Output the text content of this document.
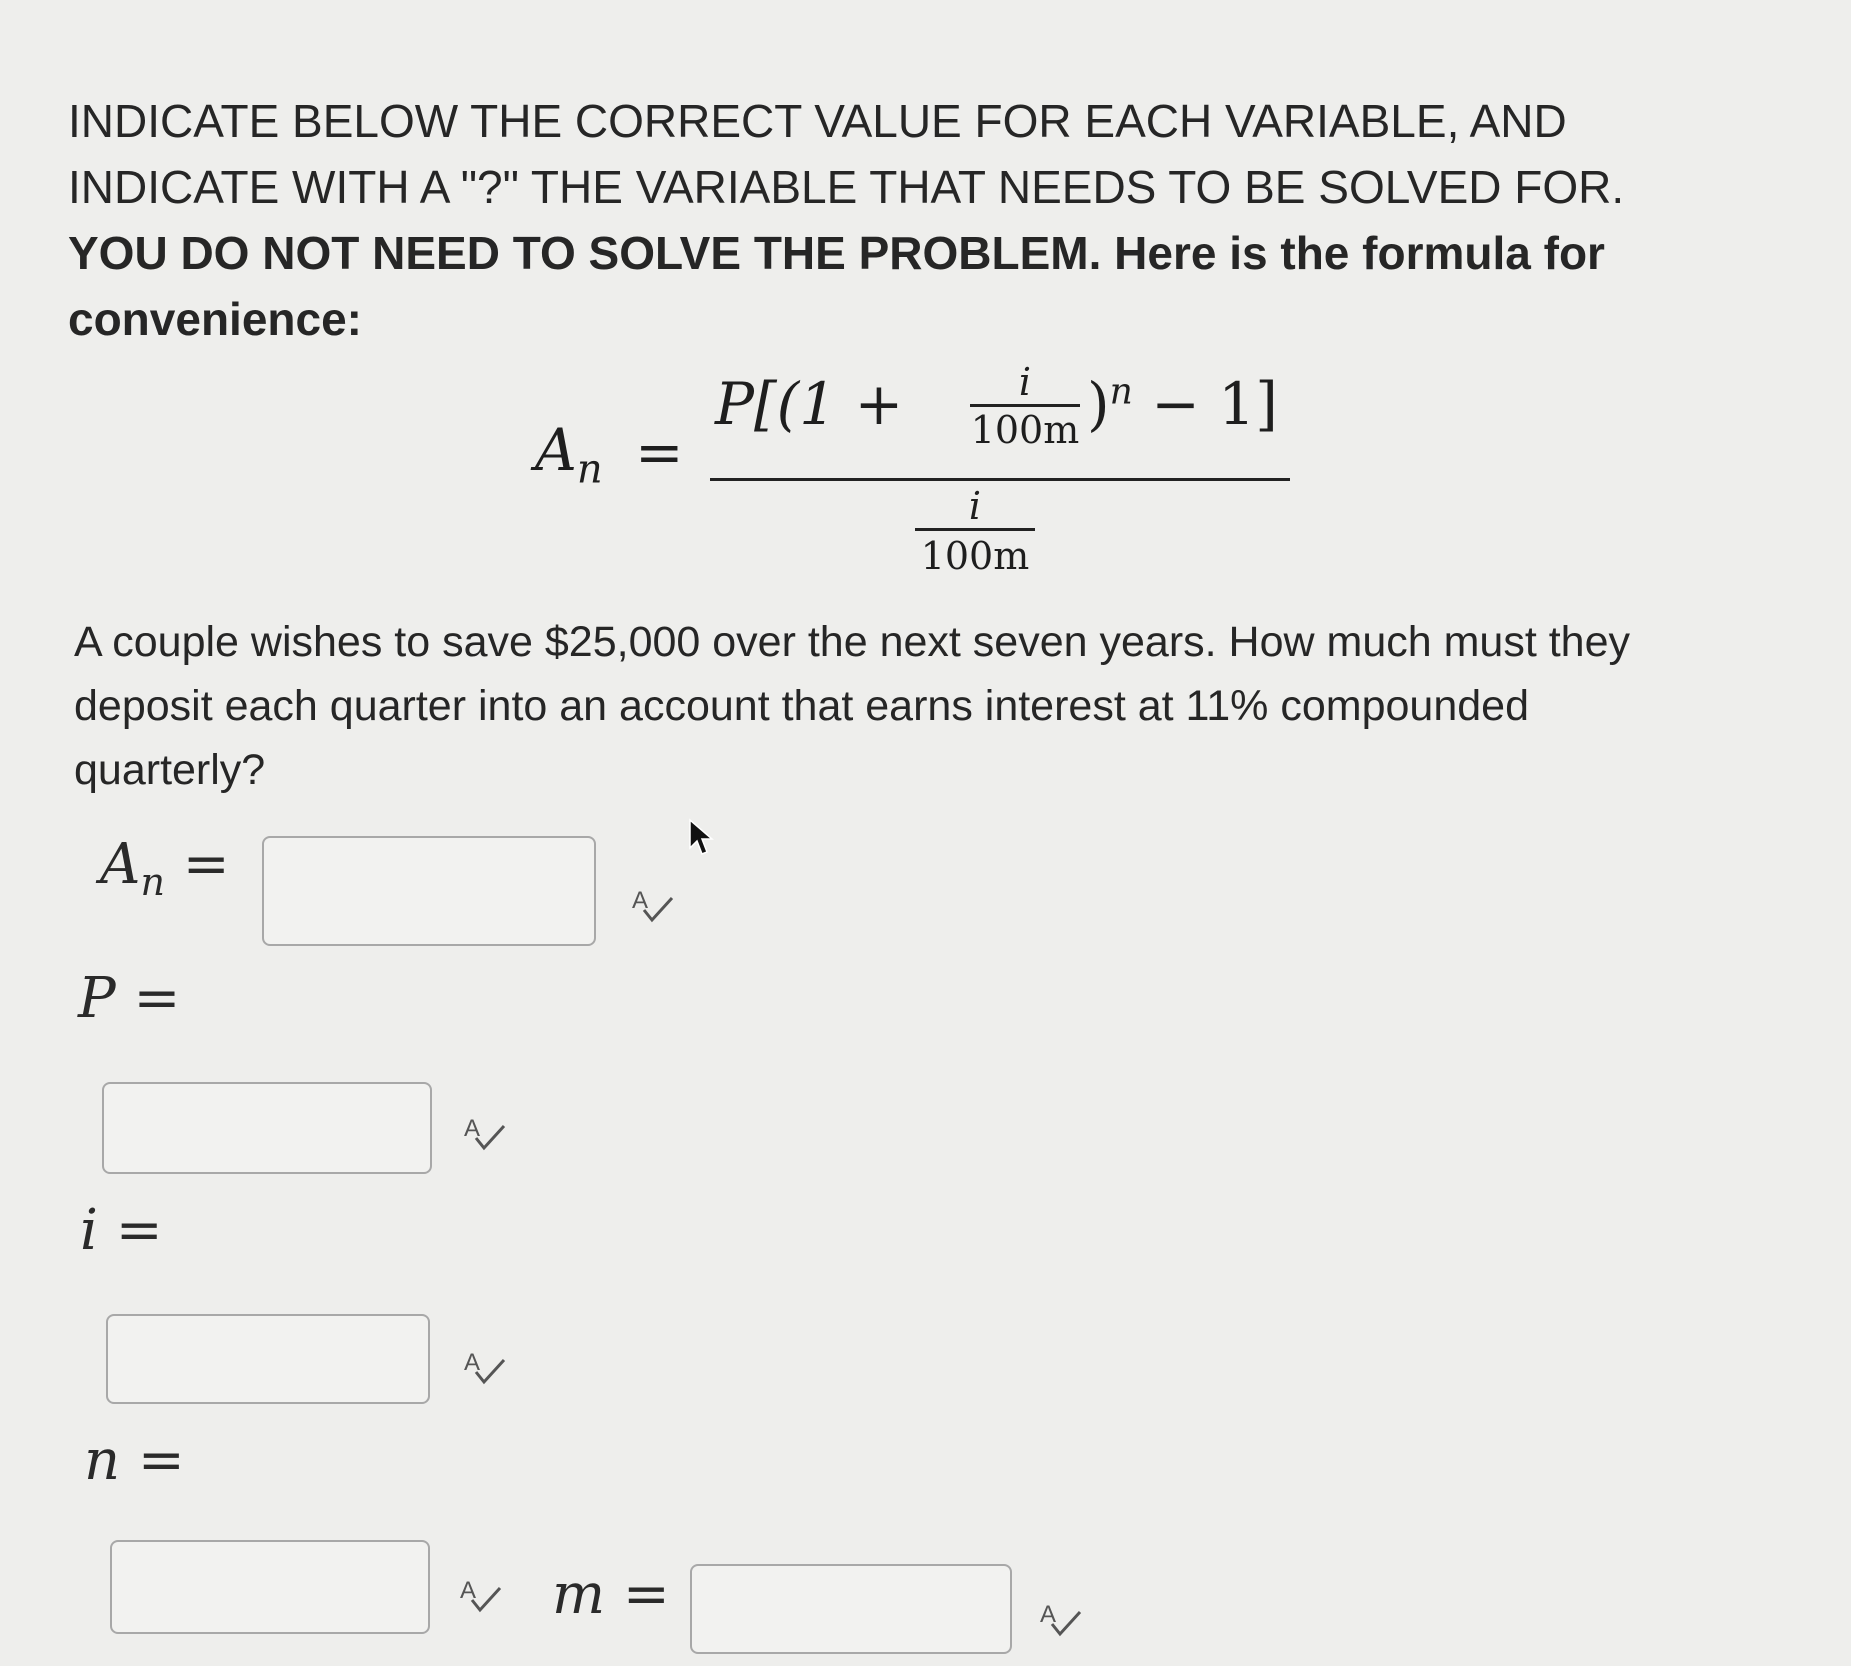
INDICATE BELOW THE CORRECT VALUE FOR EACH VARIABLE, AND INDICATE WITH A "?" THE VARIABLE THAT NEEDS TO BE SOLVED FOR. YOU DO NOT NEED TO SOLVE THE PROBLEM. Here is the formula for convenience:
$A_n$ =
P[(1 +	i
100m )$^n$ − 1]
i
100m
A couple wishes to save $25,000 over the next seven years. How much must they deposit each quarter into an account that earns interest at 11% compounded quarterly?
$A_n$ =
A
P =
A
i =
A
n =
A m =	A
